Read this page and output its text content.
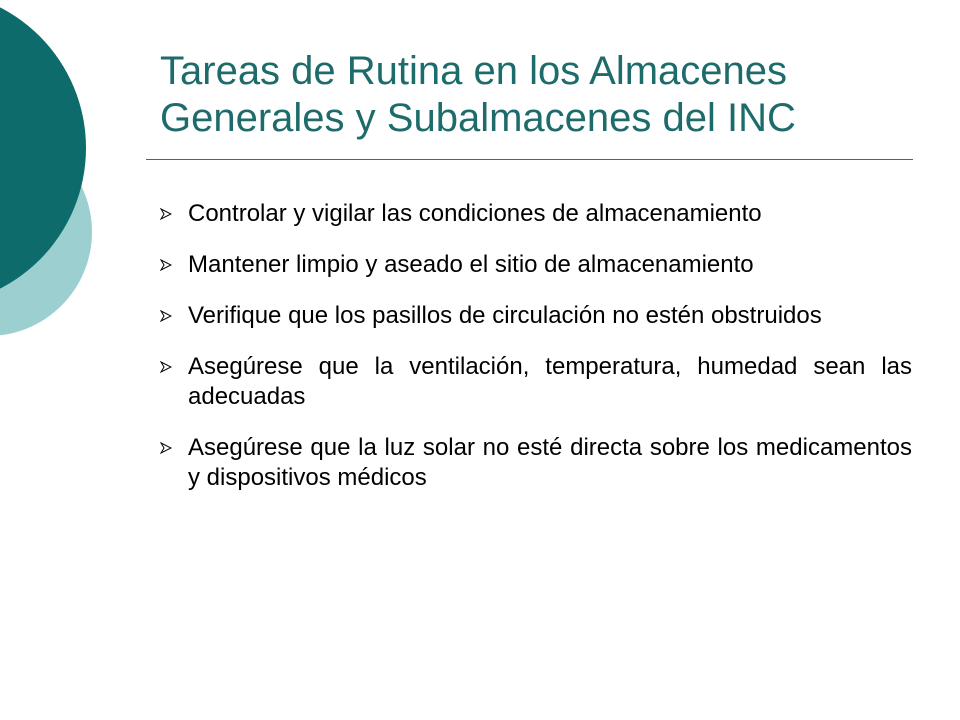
Tareas de Rutina en los Almacenes Generales y Subalmacenes del INC
Controlar y vigilar las condiciones de almacenamiento
Mantener limpio y aseado el sitio de almacenamiento
Verifique que los pasillos de circulación no estén obstruidos
Asegúrese que la ventilación, temperatura, humedad sean las adecuadas
Asegúrese que la luz solar no esté directa sobre los medicamentos y dispositivos médicos
